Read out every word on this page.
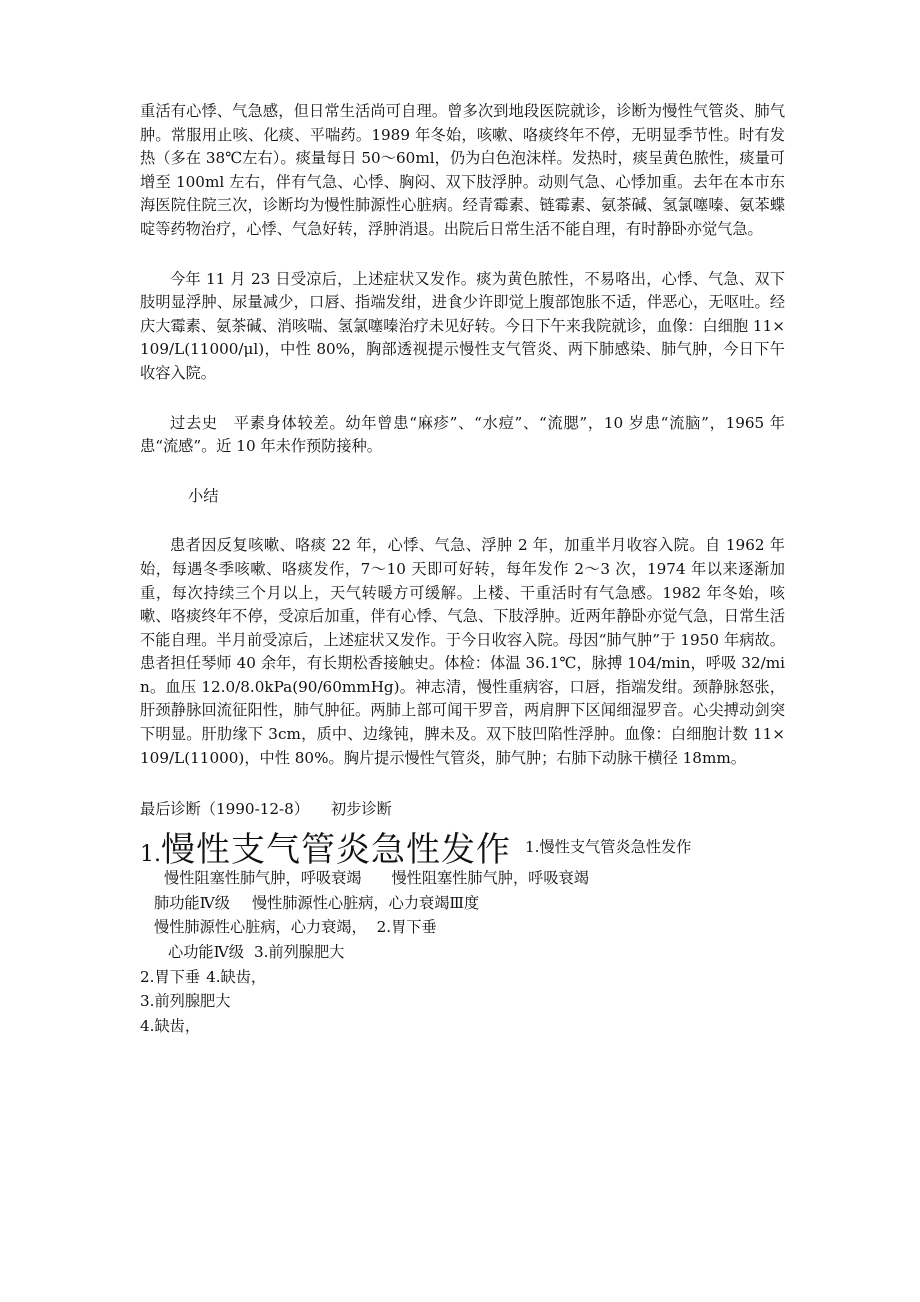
重活有心悸、气急感，但日常生活尚可自理。曾多次到地段医院就诊，诊断为慢性气管炎、肺气肿。常服用止咳、化痰、平喘药。1989 年冬始，咳嗽、咯痰终年不停，无明显季节性。时有发热（多在 38℃左右）。痰量每日 50～60ml，仍为白色泡沫样。发热时，痰呈黄色脓性，痰量可增至 100ml 左右，伴有气急、心悸、胸闷、双下肢浮肿。动则气急、心悸加重。去年在本市东海医院住院三次，诊断均为慢性肺源性心脏病。经青霉素、链霉素、氨茶碱、氢氯噻嗪、氨苯蝶啶等药物治疗，心悸、气急好转，浮肿消退。出院后日常生活不能自理，有时静卧亦觉气急。

今年 11 月 23 日受凉后，上述症状又发作。痰为黄色脓性，不易咯出，心悸、气急、双下肢明显浮肿、尿量减少，口唇、指端发绀，进食少许即觉上腹部饱胀不适，伴恶心，无呕吐。经庆大霉素、氨茶碱、消咳喘、氢氯噻嗪治疗未见好转。今日下午来我院就诊，血像：白细胞 11×109/L(11000/μl)，中性 80%，胸部透视提示慢性支气管炎、两下肺感染、肺气肿，今日下午收容入院。

过去史　平素身体较差。幼年曾患“麻疹”、“水痘”、“流腮”，10 岁患“流脑”，1965 年患“流感”。近 10 年未作预防接种。

小结

患者因反复咳嗽、咯痰 22 年，心悸、气急、浮肿 2 年，加重半月收容入院。自 1962 年始，每遇冬季咳嗽、咯痰发作，7～10 天即可好转，每年发作 2～3 次，1974 年以来逐渐加重，每次持续三个月以上，天气转暖方可缓解。上楼、干重活时有气急感。1982 年冬始，咳嗽、咯痰终年不停，受凉后加重，伴有心悸、气急、下肢浮肿。近两年静卧亦觉气急，日常生活不能自理。半月前受凉后，上述症状又发作。于今日收容入院。母因“肺气肿”于 1950 年病故。患者担任琴师 40 余年，有长期松香接触史。体检：体温 36.1℃，脉搏 104/min，呼吸 32/min。血压 12.0/8.0kPa(90/60mmHg)。神志清，慢性重病容，口唇，指端发绀。颈静脉怒张，肝颈静脉回流征阳性，肺气肿征。两肺上部可闻干罗音，两肩胛下区闻细湿罗音。心尖搏动剑突下明显。肝肋缘下 3cm，质中、边缘钝，脾未及。双下肢凹陷性浮肿。血像：白细胞计数 11×109/L(11000)，中性 80%。胸片提示慢性气管炎，肺气肿；右肺下动脉干横径 18mm。

最后诊断（1990-12-8） 初步诊断

1.慢性支气管炎急性发作 1.慢性支气管炎急性发作

慢性阻塞性肺气肿，呼吸衰竭 慢性阻塞性肺气肿，呼吸衰竭

肺功能Ⅳ级 慢性肺源性心脏病，心力衰竭Ⅲ度

慢性肺源性心脏病，心力衰竭， 2.胃下垂

心功能Ⅳ级 3.前列腺肥大

2.胃下垂 4.缺齿，

3.前列腺肥大

4.缺齿，
